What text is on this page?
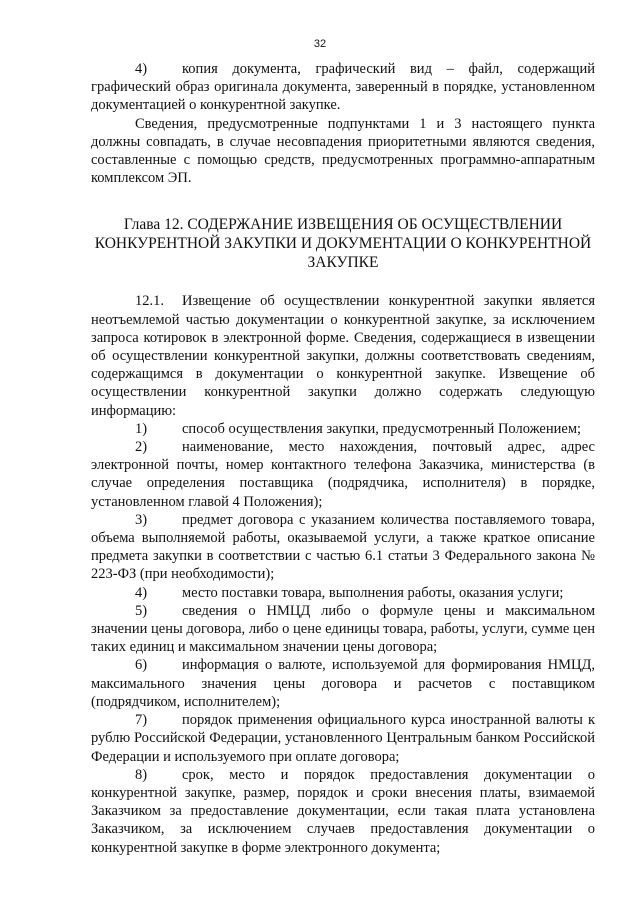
32

4) копия документа, графический вид – файл, содержащий графический образ оригинала документа, заверенный в порядке, установленном документацией о конкурентной закупке.

Сведения, предусмотренные подпунктами 1 и 3 настоящего пункта должны совпадать, в случае несовпадения приоритетными являются сведения, составленные с помощью средств, предусмотренных программно-аппаратным комплексом ЭП.

Глава 12. СОДЕРЖАНИЕ ИЗВЕЩЕНИЯ ОБ ОСУЩЕСТВЛЕНИИ КОНКУРЕНТНОЙ ЗАКУПКИ И ДОКУМЕНТАЦИИ О КОНКУРЕНТНОЙ ЗАКУПКЕ

12.1. Извещение об осуществлении конкурентной закупки является неотъемлемой частью документации о конкурентной закупке, за исключением запроса котировок в электронной форме. Сведения, содержащиеся в извещении об осуществлении конкурентной закупки, должны соответствовать сведениям, содержащимся в документации о конкурентной закупке. Извещение об осуществлении конкурентной закупки должно содержать следующую информацию:

1) способ осуществления закупки, предусмотренный Положением;

2) наименование, место нахождения, почтовый адрес, адрес электронной почты, номер контактного телефона Заказчика, министерства (в случае определения поставщика (подрядчика, исполнителя) в порядке, установленном главой 4 Положения);

3) предмет договора с указанием количества поставляемого товара, объема выполняемой работы, оказываемой услуги, а также краткое описание предмета закупки в соответствии с частью 6.1 статьи 3 Федерального закона № 223-ФЗ (при необходимости);

4) место поставки товара, выполнения работы, оказания услуги;

5) сведения о НМЦД либо о формуле цены и максимальном значении цены договора, либо о цене единицы товара, работы, услуги, сумме цен таких единиц и максимальном значении цены договора;

6) информация о валюте, используемой для формирования НМЦД, максимального значения цены договора и расчетов с поставщиком (подрядчиком, исполнителем);

7) порядок применения официального курса иностранной валюты к рублю Российской Федерации, установленного Центральным банком Российской Федерации и используемого при оплате договора;

8) срок, место и порядок предоставления документации о конкурентной закупке, размер, порядок и сроки внесения платы, взимаемой Заказчиком за предоставление документации, если такая плата установлена Заказчиком, за исключением случаев предоставления документации о конкурентной закупке в форме электронного документа;
